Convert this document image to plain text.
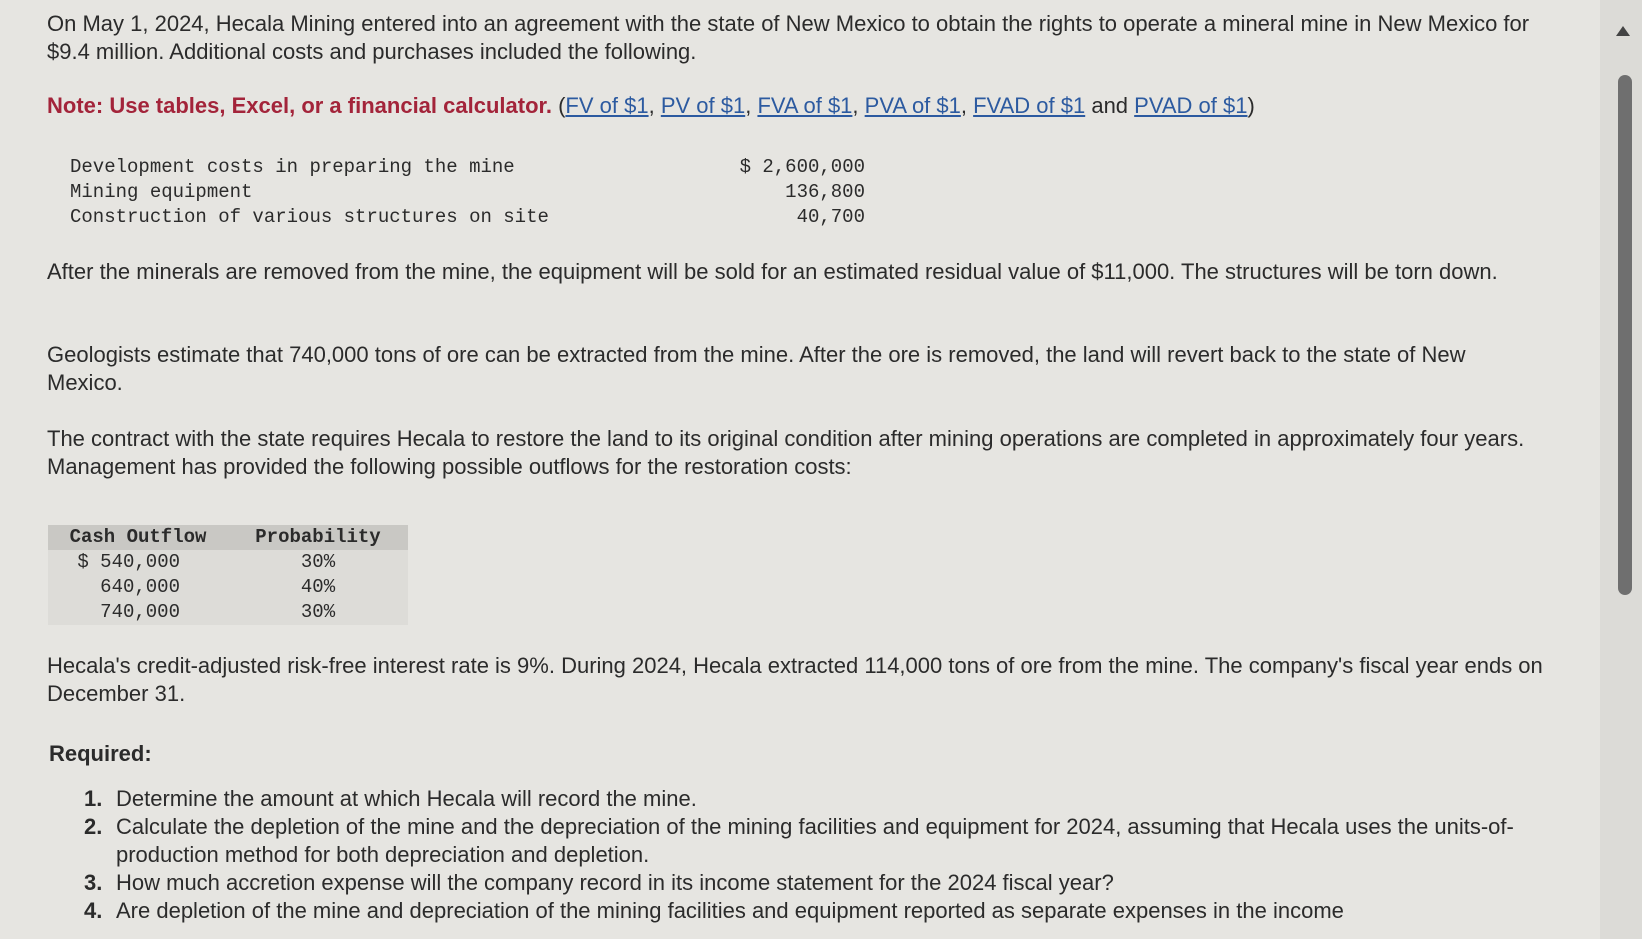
On May 1, 2024, Hecala Mining entered into an agreement with the state of New Mexico to obtain the rights to operate a mineral mine in New Mexico for $9.4 million. Additional costs and purchases included the following.

Note: Use tables, Excel, or a financial calculator. (FV of $1, PV of $1, FVA of $1, PVA of $1, FVAD of $1 and PVAD of $1)

Development costs in preparing the mine	$ 2,600,000
Mining equipment	136,800
Construction of various structures on site	40,700

After the minerals are removed from the mine, the equipment will be sold for an estimated residual value of $11,000. The structures will be torn down.

Geologists estimate that 740,000 tons of ore can be extracted from the mine. After the ore is removed, the land will revert back to the state of New Mexico.

The contract with the state requires Hecala to restore the land to its original condition after mining operations are completed in approximately four years. Management has provided the following possible outflows for the restoration costs:

Cash Outflow	Probability
$ 540,000	30%
640,000	40%
740,000	30%

Hecala's credit-adjusted risk-free interest rate is 9%. During 2024, Hecala extracted 114,000 tons of ore from the mine. The company's fiscal year ends on December 31.

Required:
1. Determine the amount at which Hecala will record the mine.
2. Calculate the depletion of the mine and the depreciation of the mining facilities and equipment for 2024, assuming that Hecala uses the units-of-production method for both depreciation and depletion.
3. How much accretion expense will the company record in its income statement for the 2024 fiscal year?
4. Are depletion of the mine and depreciation of the mining facilities and equipment reported as separate expenses in the income
